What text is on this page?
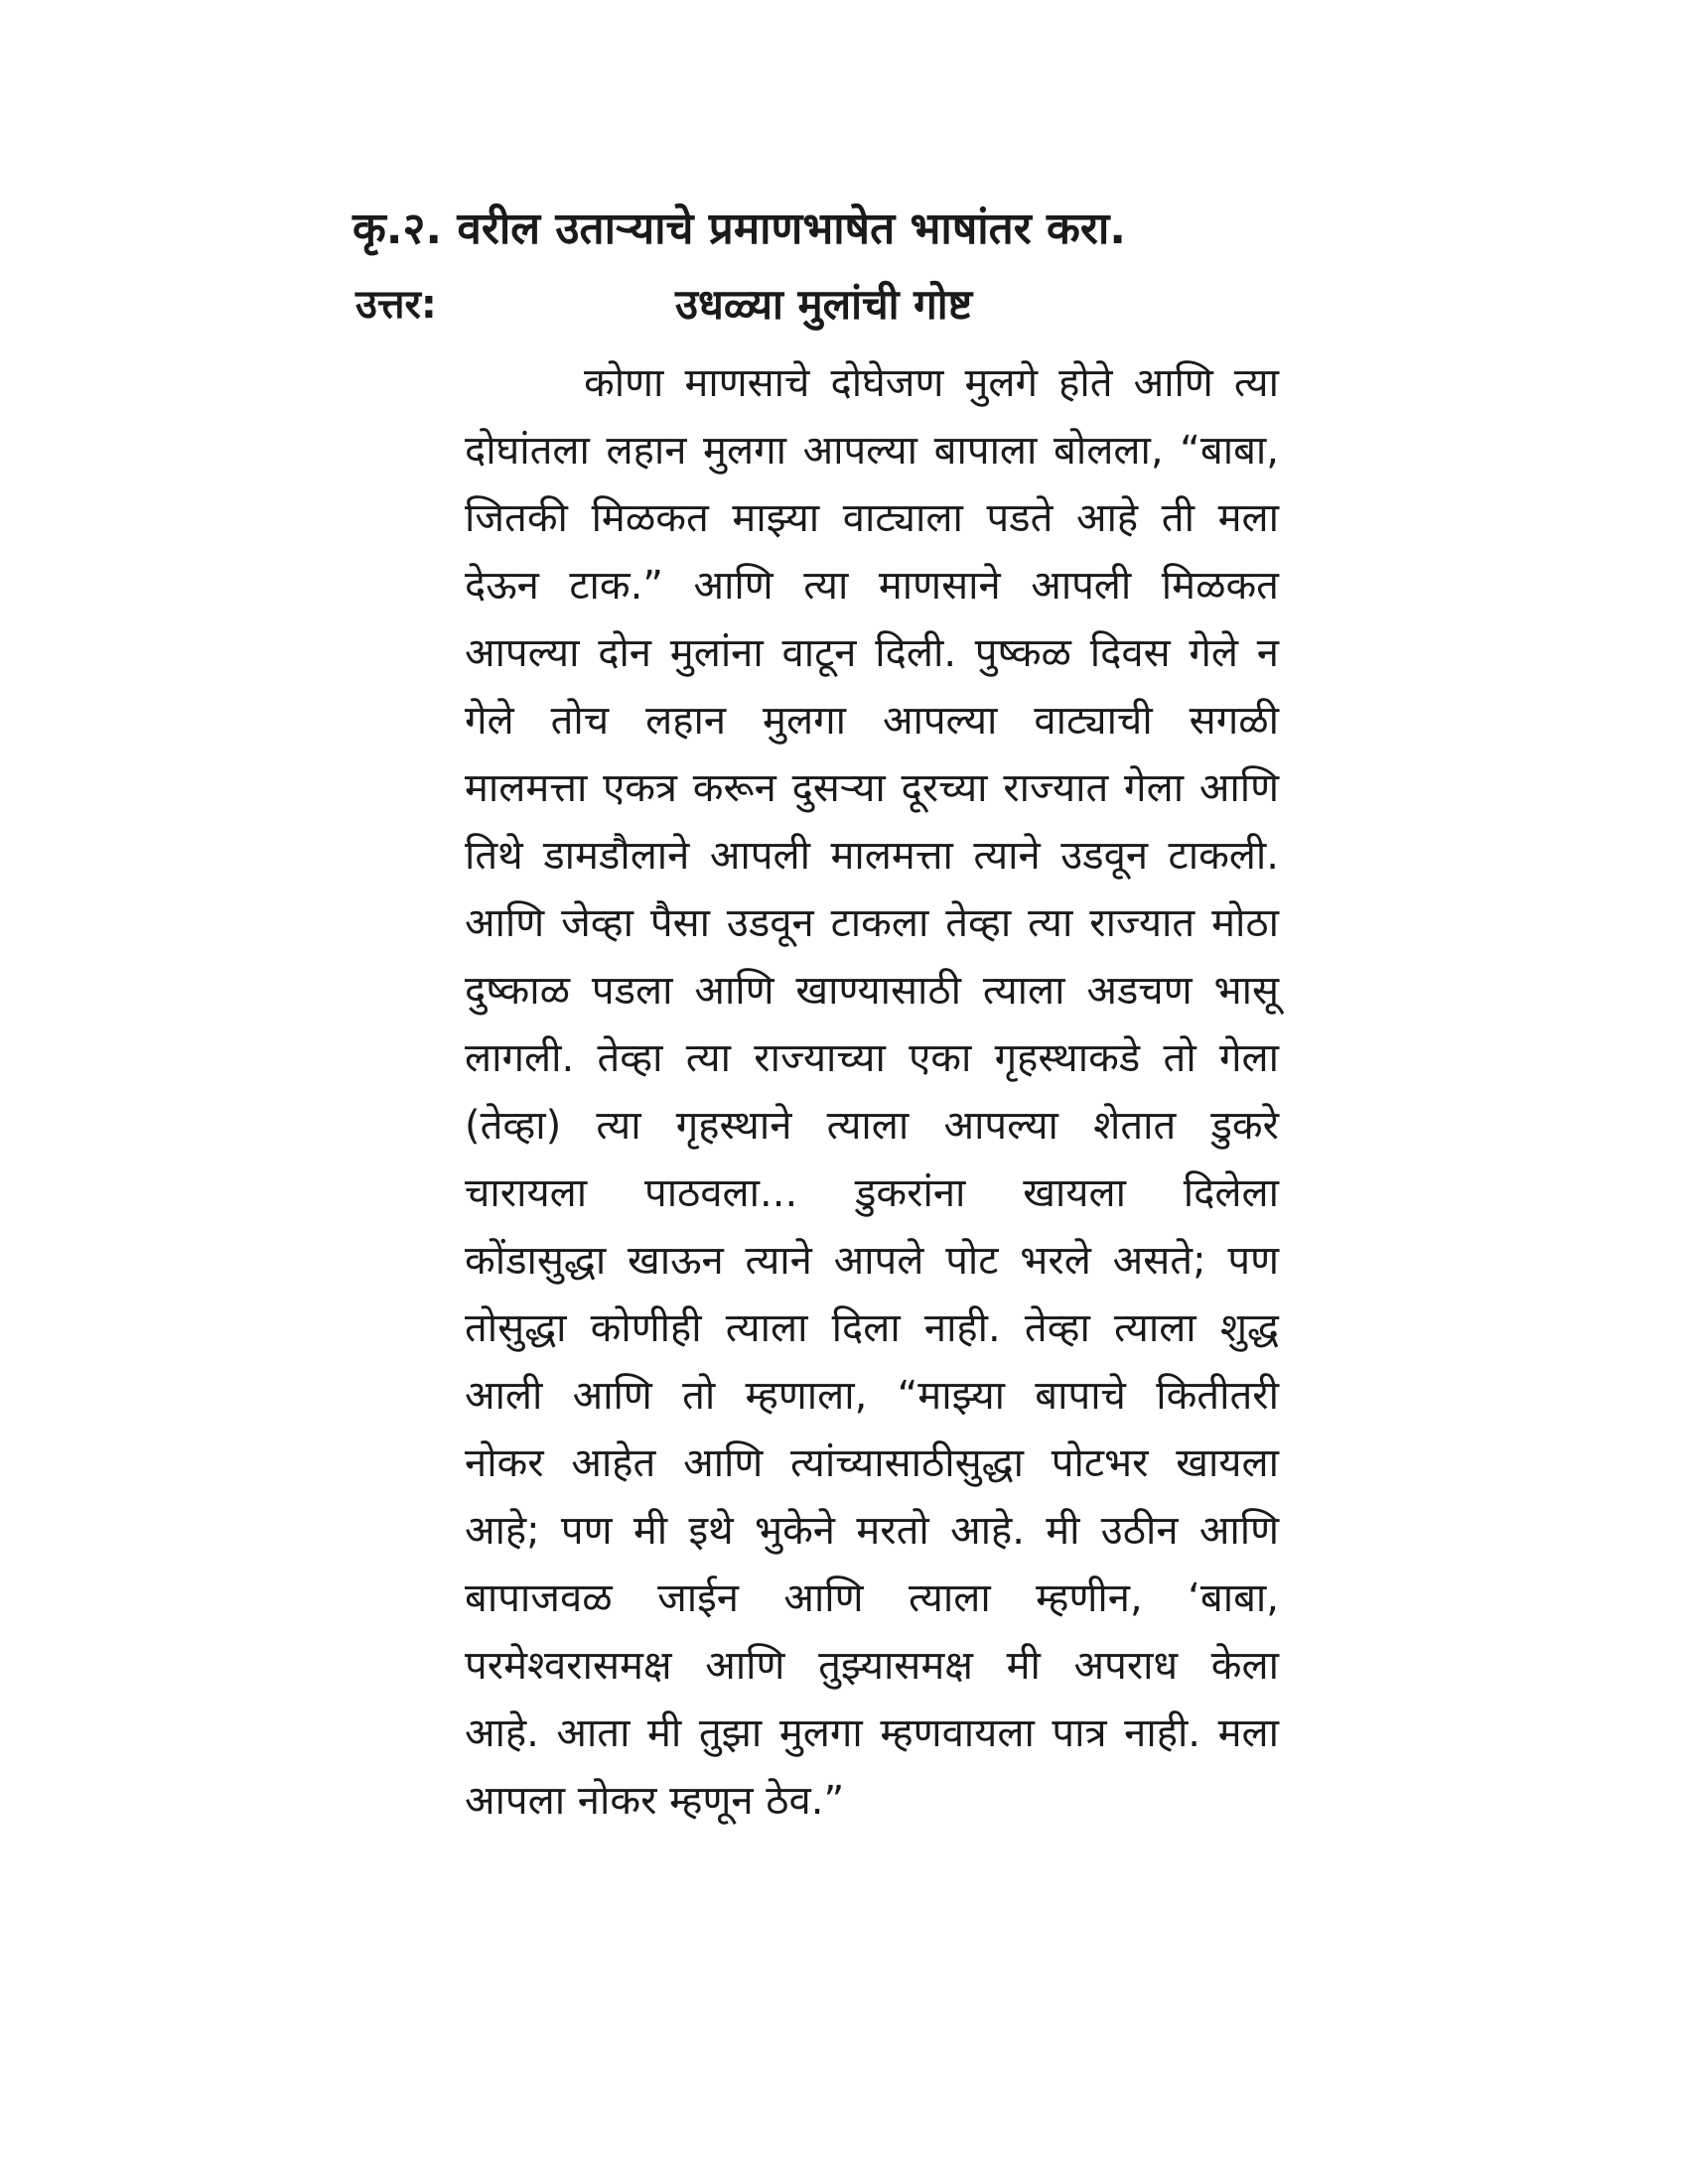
कृ.२. वरील उताऱ्याचे प्रमाणभाषेत भाषांतर करा.
उत्तर:	उधळ्या मुलांची गोष्ट
कोणा माणसाचे दोघेजण मुलगे होते आणि त्या
दोघांतला लहान मुलगा आपल्या बापाला बोलला, “बाबा,
जितकी मिळकत माझ्या वाट्याला पडते आहे ती मला
देऊन टाक.” आणि त्या माणसाने आपली मिळकत
आपल्या दोन मुलांना वाटून दिली. पुष्कळ दिवस गेले न
गेले तोच लहान मुलगा आपल्या वाट्याची सगळी
मालमत्ता एकत्र करून दुसऱ्या दूरच्या राज्यात गेला आणि
तिथे डामडौलाने आपली मालमत्ता त्याने उडवून टाकली.
आणि जेव्हा पैसा उडवून टाकला तेव्हा त्या राज्यात मोठा
दुष्काळ पडला आणि खाण्यासाठी त्याला अडचण भासू
लागली. तेव्हा त्या राज्याच्या एका गृहस्थाकडे तो गेला
(तेव्हा) त्या गृहस्थाने त्याला आपल्या शेतात डुकरे
चारायला पाठवला... डुकरांना खायला दिलेला
कोंडासुद्धा खाऊन त्याने आपले पोट भरले असते; पण
तोसुद्धा कोणीही त्याला दिला नाही. तेव्हा त्याला शुद्ध
आली आणि तो म्हणाला, “माझ्या बापाचे कितीतरी
नोकर आहेत आणि त्यांच्यासाठीसुद्धा पोटभर खायला
आहे; पण मी इथे भुकेने मरतो आहे. मी उठीन आणि
बापाजवळ जाईन आणि त्याला म्हणीन, ‘बाबा,
परमेश्वरासमक्ष आणि तुझ्यासमक्ष मी अपराध केला
आहे. आता मी तुझा मुलगा म्हणवायला पात्र नाही. मला
आपला नोकर म्हणून ठेव.”
